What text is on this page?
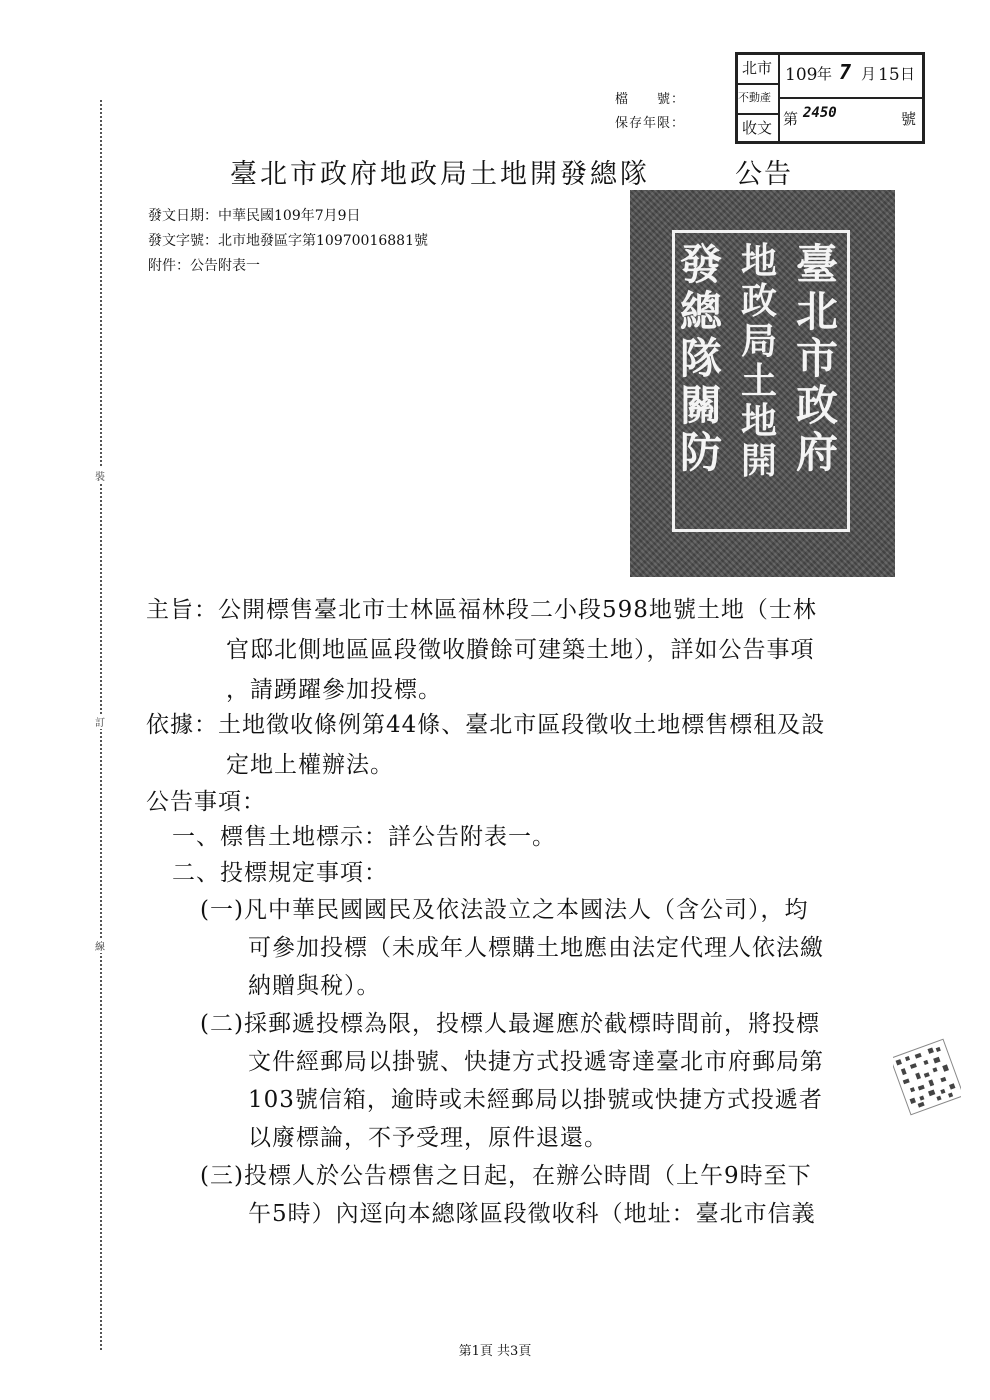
裝
訂
線
檔　　號：
保存年限：
北市
不動產
收文
109 年 7 月 15 日
第 2450	號
臺北市政府地政局土地開發總隊	公告
發文日期：中華民國109年7月9日
發文字號：北市地發區字第10970016881號
附件：公告附表一	臺
北
市
政
府
地
政
局
土
地
開
發
總
隊
關
防
主旨：公開標售臺北市士林區福林段二小段598地號土地（士林
官邸北側地區區段徵收賸餘可建築土地），詳如公告事項
，請踴躍參加投標。
依據：土地徵收條例第44條、臺北市區段徵收土地標售標租及設
定地上權辦法。
公告事項：
一、標售土地標示：詳公告附表一。
二、投標規定事項：
(一)凡中華民國國民及依法設立之本國法人（含公司），均
可參加投標（未成年人標購土地應由法定代理人依法繳
納贈與稅）。
(二)採郵遞投標為限，投標人最遲應於截標時間前，將投標
文件經郵局以掛號、快捷方式投遞寄達臺北市府郵局第
103號信箱，逾時或未經郵局以掛號或快捷方式投遞者
以廢標論，不予受理，原件退還。
(三)投標人於公告標售之日起，在辦公時間（上午9時至下
午5時）內逕向本總隊區段徵收科（地址：臺北市信義
第1頁 共3頁
